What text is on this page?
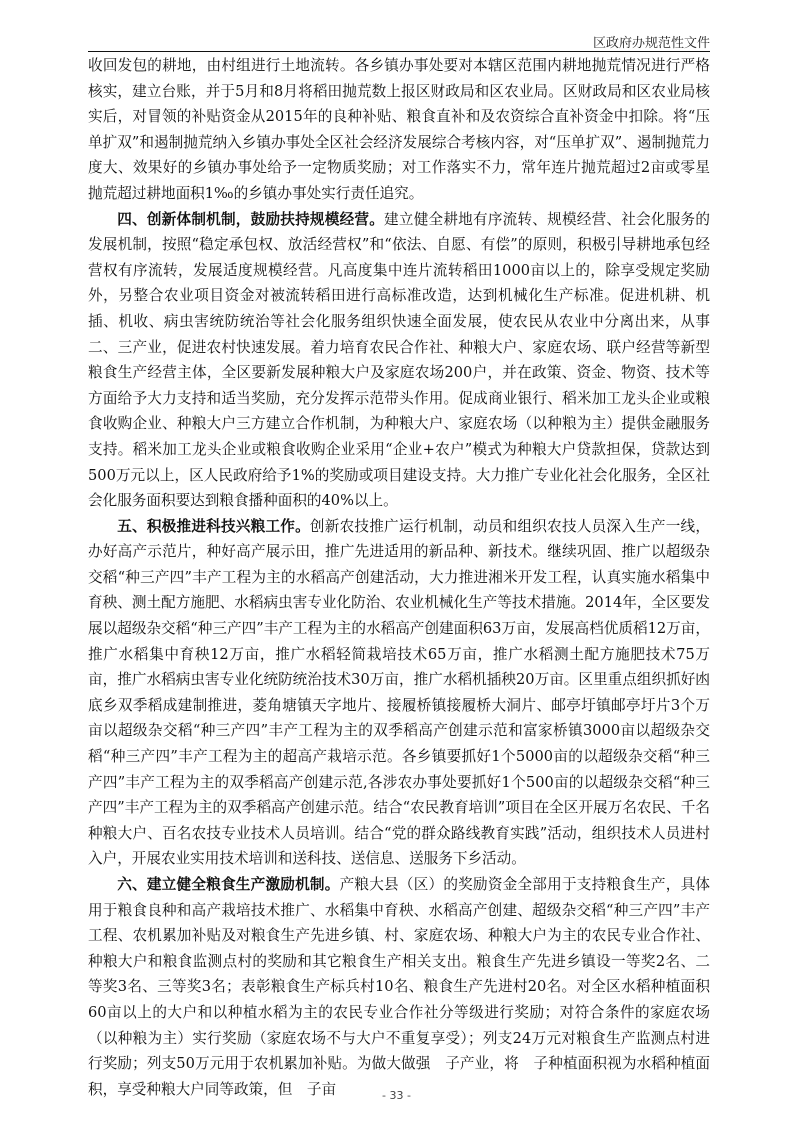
区政府办规范性文件

收回发包的耕地，由村组进行土地流转。各乡镇办事处要对本辖区范围内耕地抛荒情况进行严格核实，建立台账，并于5月和8月将稻田抛荒数上报区财政局和区农业局。区财政局和区农业局核实后，对冒领的补贴资金从2015年的良种补贴、粮食直补和及农资综合直补资金中扣除。将“压单扩双”和遏制抛荒纳入乡镇办事处全区社会经济发展综合考核内容，对“压单扩双”、遏制抛荒力度大、效果好的乡镇办事处给予一定物质奖励；对工作落实不力，常年连片抛荒超过2亩或零星抛荒超过耕地面积1‰的乡镇办事处实行责任追究。

四、创新体制机制，鼓励扶持规模经营。建立健全耕地有序流转、规模经营、社会化服务的发展机制，按照“稳定承包权、放活经营权”和“依法、自愿、有偿”的原则，积极引导耕地承包经营权有序流转，发展适度规模经营。凡高度集中连片流转稻田1000亩以上的，除享受规定奖励外，另整合农业项目资金对被流转稻田进行高标准改造，达到机械化生产标准。促进机耕、机插、机收、病虫害统防统治等社会化服务组织快速全面发展，使农民从农业中分离出来，从事二、三产业，促进农村快速发展。着力培育农民合作社、种粮大户、家庭农场、联户经营等新型粮食生产经营主体，全区要新发展种粮大户及家庭农场200户，并在政策、资金、物资、技术等方面给予大力支持和适当奖励，充分发挥示范带头作用。促成商业银行、稻米加工龙头企业或粮食收购企业、种粮大户三方建立合作机制，为种粮大户、家庭农场（以种粮为主）提供金融服务支持。稻米加工龙头企业或粮食收购企业采用“企业+农户”模式为种粮大户贷款担保，贷款达到500万元以上，区人民政府给予1%的奖励或项目建设支持。大力推广专业化社会化服务，全区社会化服务面积要达到粮食播种面积的40%以上。

五、积极推进科技兴粮工作。创新农技推广运行机制，动员和组织农技人员深入生产一线，办好高产示范片，种好高产展示田，推广先进适用的新品种、新技术。继续巩固、推广以超级杂交稻“种三产四”丰产工程为主的水稻高产创建活动，大力推进湘米开发工程，认真实施水稻集中育秧、测土配方施肥、水稻病虫害专业化防治、农业机械化生产等技术措施。2014年，全区要发展以超级杂交稻“种三产四”丰产工程为主的水稻高产创建面积63万亩，发展高档优质稻12万亩，推广水稻集中育秧12万亩，推广水稻轻简栽培技术65万亩，推广水稻测土配方施肥技术75万亩，推广水稻病虫害专业化统防统治技术30万亩，推广水稻机插秧20万亩。区里重点组织抓好凼底乡双季稻成建制推进，菱角塘镇天字地片、接履桥镇接履桥大洞片、邮亭圩镇邮亭圩片3个万亩以超级杂交稻“种三产四”丰产工程为主的双季稻高产创建示范和富家桥镇3000亩以超级杂交稻“种三产四”丰产工程为主的超高产栽培示范。各乡镇要抓好1个5000亩的以超级杂交稻“种三产四”丰产工程为主的双季稻高产创建示范,各涉农办事处要抓好1个500亩的以超级杂交稻“种三产四”丰产工程为主的双季稻高产创建示范。结合“农民教育培训”项目在全区开展万名农民、千名种粮大户、百名农技专业技术人员培训。结合“党的群众路线教育实践”活动，组织技术人员进村入户，开展农业实用技术培训和送科技、送信息、送服务下乡活动。

六、建立健全粮食生产激励机制。产粮大县（区）的奖励资金全部用于支持粮食生产，具体用于粮食良种和高产栽培技术推广、水稻集中育秧、水稻高产创建、超级杂交稻“种三产四”丰产工程、农机累加补贴及对粮食生产先进乡镇、村、家庭农场、种粮大户为主的农民专业合作社、种粮大户和粮食监测点村的奖励和其它粮食生产相关支出。粮食生产先进乡镇设一等奖2名、二等奖3名、三等奖3名；表彰粮食生产标兵村10名、粮食生产先进村20名。对全区水稻种植面积60亩以上的大户和以种植水稻为主的农民专业合作社分等级进行奖励；对符合条件的家庭农场（以种粮为主）实行奖励（家庭农场不与大户不重复享受）；列支24万元对粮食生产监测点村进行奖励；列支50万元用于农机累加补贴。为做大做强　子产业，将　子种植面积视为水稻种植面积，享受种粮大户同等政策，但　子亩	- 33 -
